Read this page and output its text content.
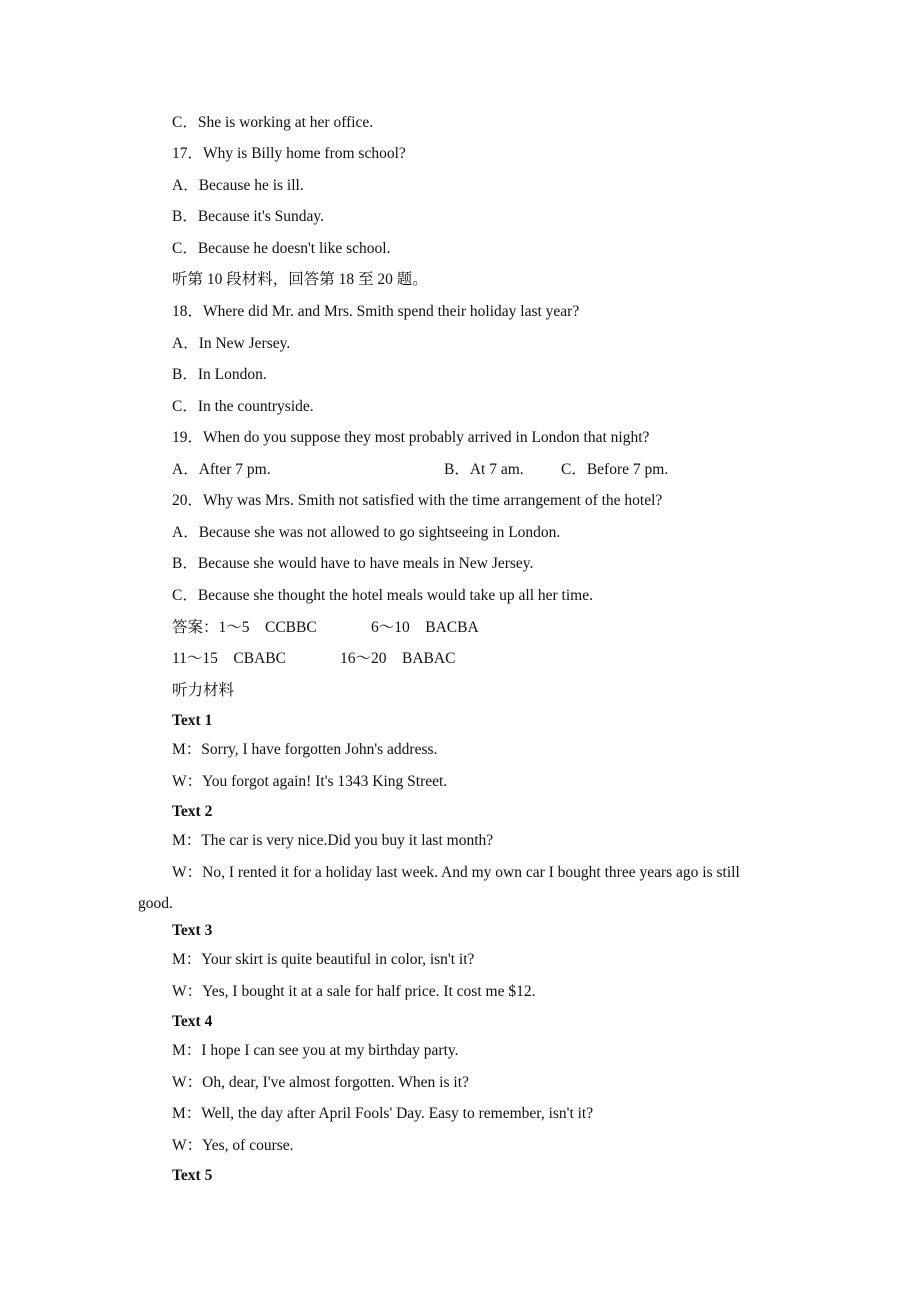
C．She is working at her office.
17．Why is Billy home from school?
A．Because he is ill.
B．Because it's Sunday.
C．Because he doesn't like school.
听第 10 段材料，回答第 18 至 20 题。
18．Where did Mr. and Mrs. Smith spend their holiday last year?
A．In New Jersey.
B．In London.
C．In the countryside.
19．When do you suppose they most probably arrived in London that night?
A．After 7 pm.	B．At 7 am. C．Before 7 pm.
20．Why was Mrs. Smith not satisfied with the time arrangement of the hotel?
A．Because she was not allowed to go sightseeing in London.
B．Because she would have to have meals in New Jersey.
C．Because she thought the hotel meals would take up all her time.
答案：1～5　CCBBC	6～10　BACBA
11～15　CBABC	16～20　BABAC
听力材料
Text 1
M：Sorry, I have forgotten John's address.
W：You forgot again! It's 1343 King Street.
Text 2
M：The car is very nice.Did you buy it last month?
W：No, I rented it for a holiday last week. And my own car I bought three years ago is still
good.
Text 3
M：Your skirt is quite beautiful in color, isn't it?
W：Yes, I bought it at a sale for half price. It cost me $12.
Text 4
M：I hope I can see you at my birthday party.
W：Oh, dear, I've almost forgotten. When is it?
M：Well, the day after April Fools' Day. Easy to remember, isn't it?
W：Yes, of course.
Text 5
